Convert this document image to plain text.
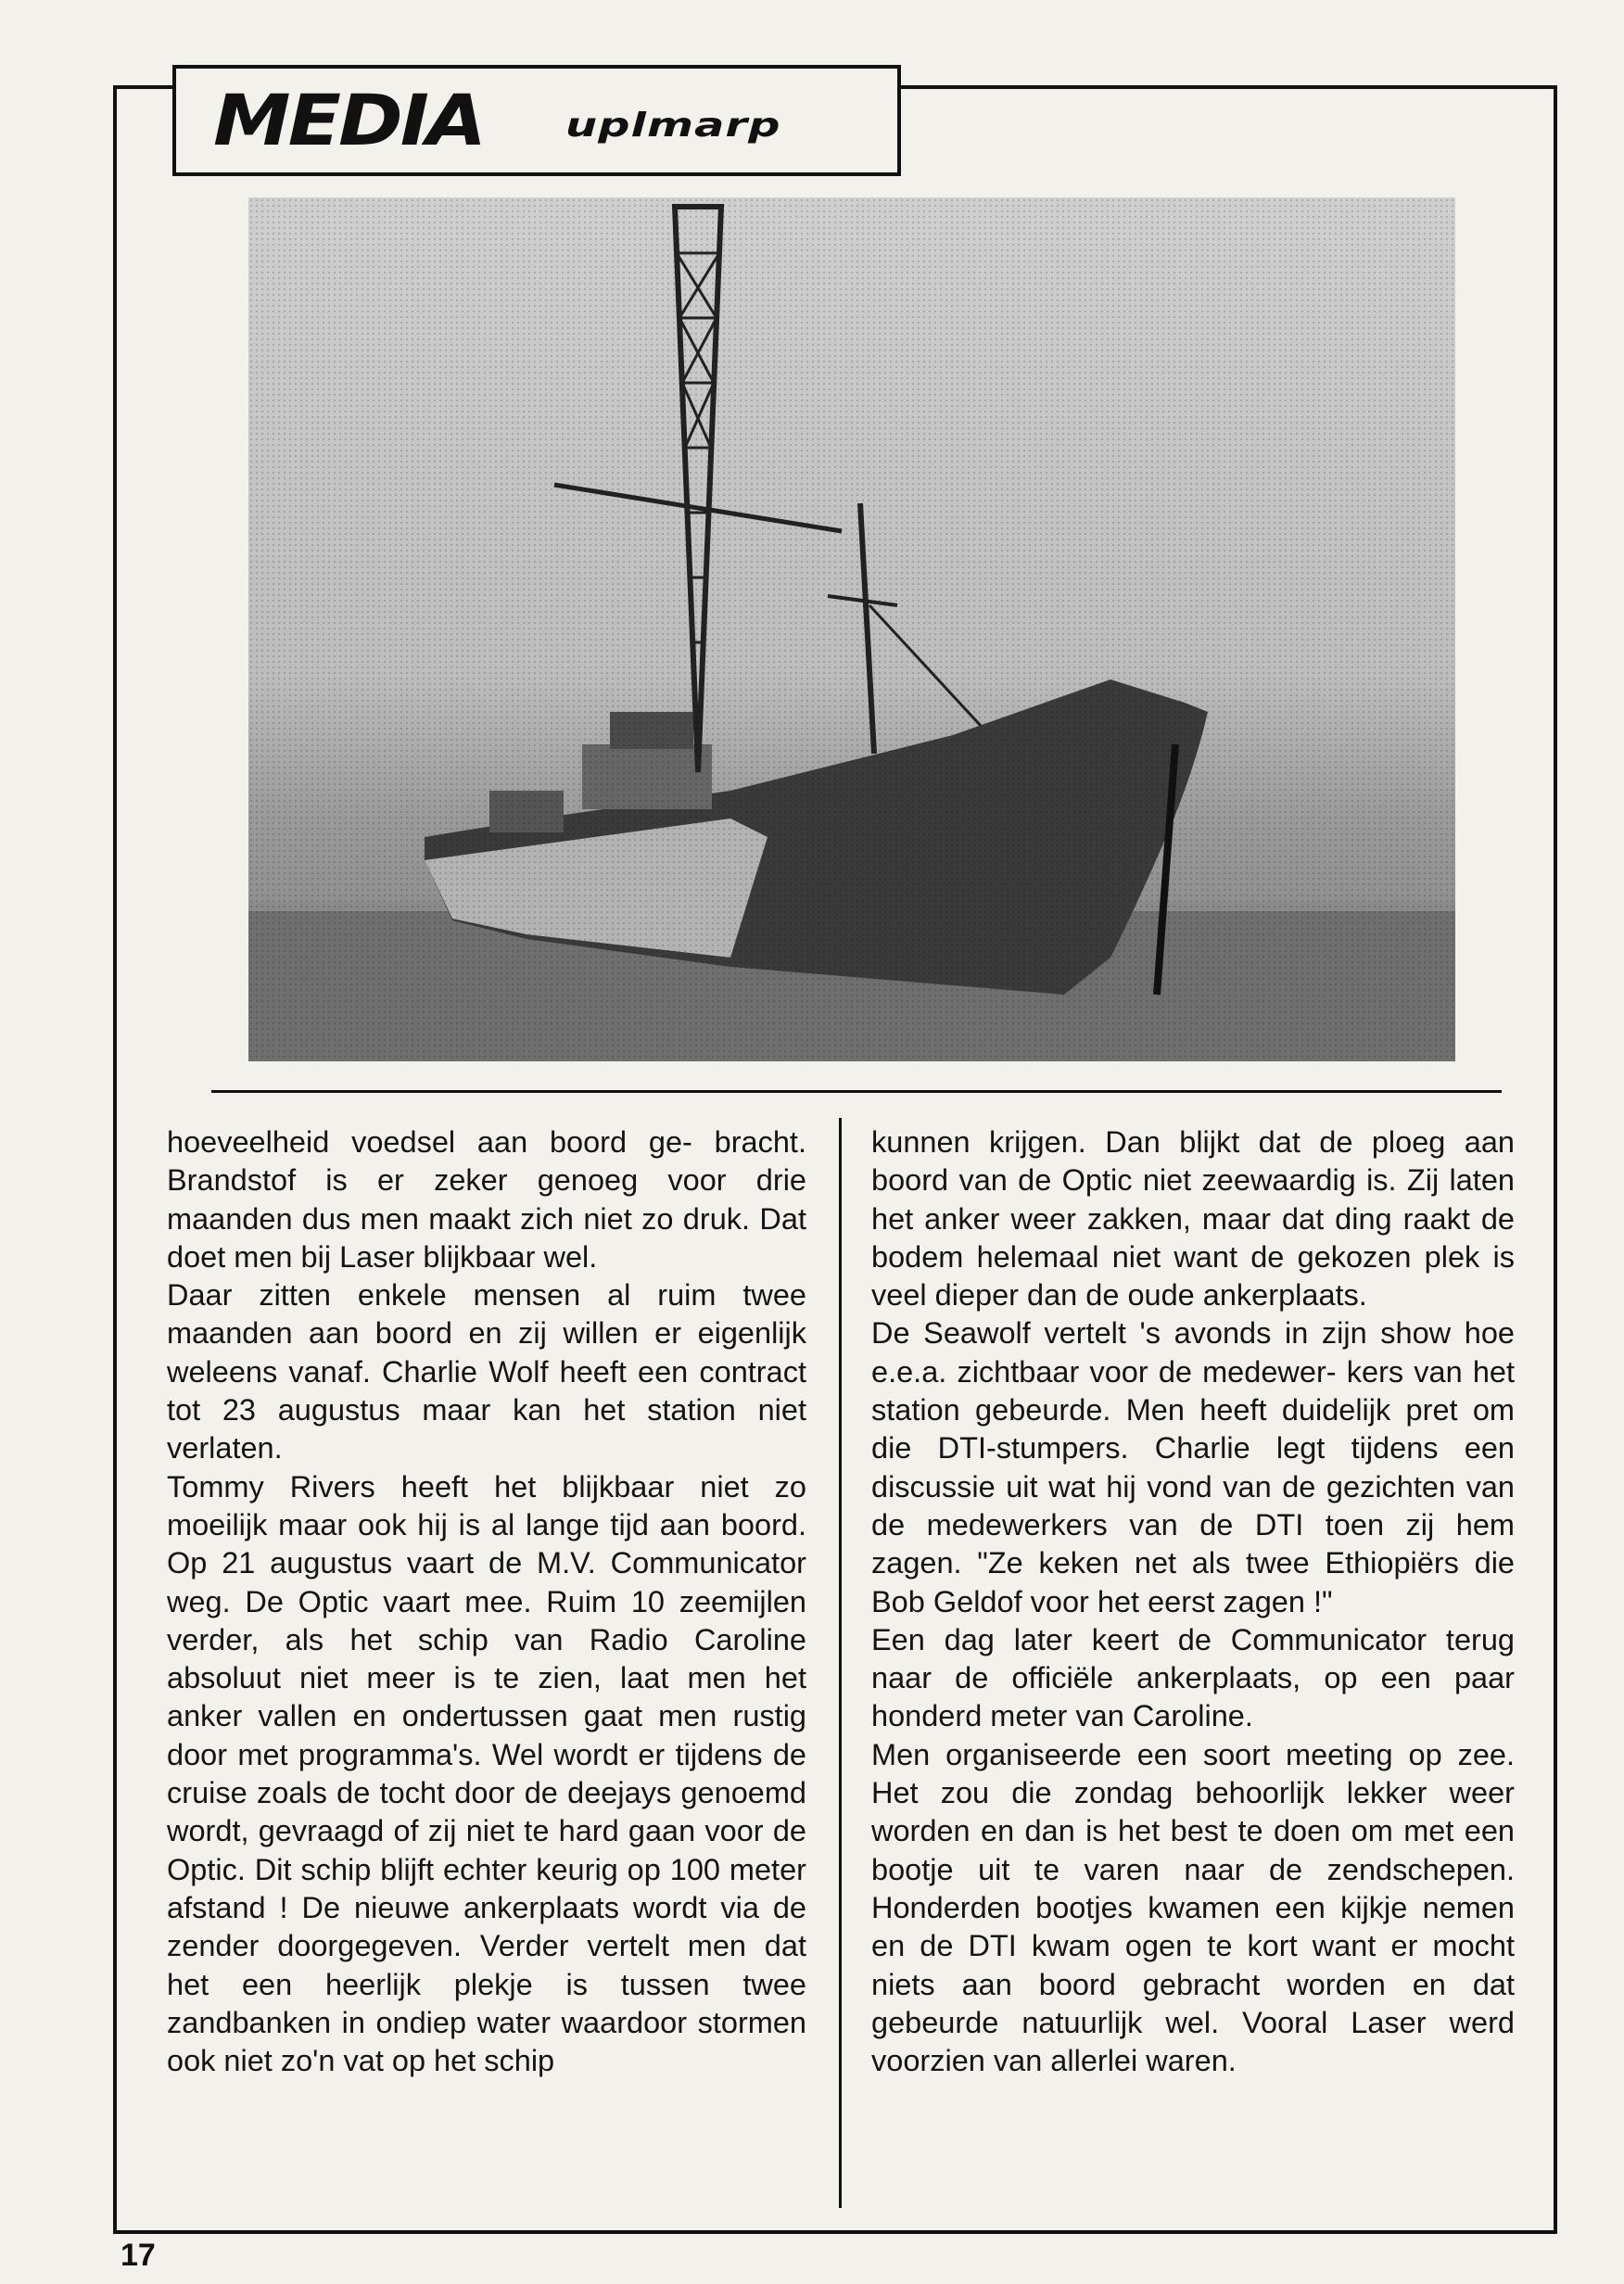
MEDIA uplmarp

hoeveelheid voedsel aan boord ge- bracht. Brandstof is er zeker genoeg voor drie maanden dus men maakt zich niet zo druk. Dat doet men bij Laser blijkbaar wel.

Daar zitten enkele mensen al ruim twee maanden aan boord en zij willen er eigenlijk weleens vanaf. Charlie Wolf heeft een contract tot 23 augustus maar kan het station niet verlaten.

Tommy Rivers heeft het blijkbaar niet zo moeilijk maar ook hij is al lange tijd aan boord. Op 21 augustus vaart de M.V. Communicator weg. De Optic vaart mee. Ruim 10 zeemijlen verder, als het schip van Radio Caroline absoluut niet meer is te zien, laat men het anker vallen en ondertussen gaat men rustig door met programma's. Wel wordt er tijdens de cruise zoals de tocht door de deejays genoemd wordt, gevraagd of zij niet te hard gaan voor de Optic. Dit schip blijft echter keurig op 100 meter afstand ! De nieuwe ankerplaats wordt via de zender doorgegeven. Verder vertelt men dat het een heerlijk plekje is tussen twee zandbanken in ondiep water waardoor stormen ook niet zo'n vat op het schip

kunnen krijgen. Dan blijkt dat de ploeg aan boord van de Optic niet zeewaardig is. Zij laten het anker weer zakken, maar dat ding raakt de bodem helemaal niet want de gekozen plek is veel dieper dan de oude ankerplaats.

De Seawolf vertelt 's avonds in zijn show hoe e.e.a. zichtbaar voor de medewer- kers van het station gebeurde. Men heeft duidelijk pret om die DTI-stumpers. Charlie legt tijdens een discussie uit wat hij vond van de gezichten van de medewerkers van de DTI toen zij hem zagen. "Ze keken net als twee Ethiopiërs die Bob Geldof voor het eerst zagen !"

Een dag later keert de Communicator terug naar de officiële ankerplaats, op een paar honderd meter van Caroline.

Men organiseerde een soort meeting op zee. Het zou die zondag behoorlijk lekker weer worden en dan is het best te doen om met een bootje uit te varen naar de zendschepen. Honderden bootjes kwamen een kijkje nemen en de DTI kwam ogen te kort want er mocht niets aan boord gebracht worden en dat gebeurde natuurlijk wel. Vooral Laser werd voorzien van allerlei waren.

17
